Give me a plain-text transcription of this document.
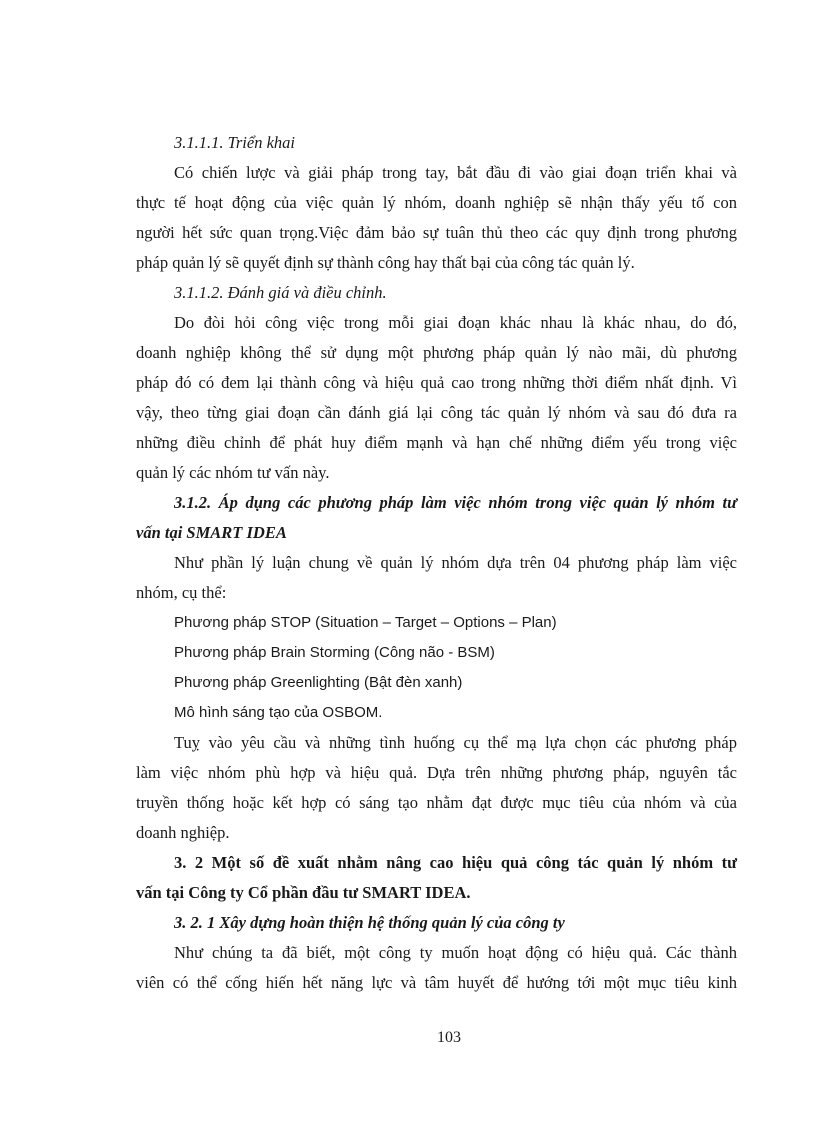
3.1.1.1. Triển khai
Có chiến lược và giải pháp trong tay, bắt đầu đi vào giai đoạn triển khai và
thực tế hoạt động của việc quản lý nhóm, doanh nghiệp sẽ nhận thấy yếu tố con
người hết sức quan trọng.Việc đảm bảo sự tuân thủ theo các quy định trong phương
pháp quản lý sẽ quyết định sự thành công hay thất bại của công tác quản lý.
3.1.1.2. Đánh giá và điều chỉnh.
Do đòi hỏi công việc trong mỗi giai đoạn khác nhau là khác nhau, do đó,
doanh nghiệp không thể sử dụng một phương pháp quản lý nào mãi, dù phương
pháp đó có đem lại thành công và hiệu quả cao trong những thời điểm nhất định. Vì
vậy, theo từng giai đoạn cần đánh giá lại công tác quản lý nhóm và sau đó đưa ra
những điều chỉnh để phát huy điểm mạnh và hạn chế những điểm yếu trong việc
quản lý các nhóm tư vấn này.
3.1.2. Áp dụng các phương pháp làm việc nhóm trong việc quản lý nhóm tư
vấn tại SMART IDEA
Như phần lý luận chung về quản lý nhóm dựa trên 04 phương pháp làm việc
nhóm, cụ thể:
Phương pháp STOP (Situation – Target – Options – Plan)
Phương pháp Brain Storming (Công não - BSM)
Phương pháp Greenlighting (Bật đèn xanh)
Mô hình sáng tạo của OSBOM.
Tuỵ vào yêu cầu và những tình huống cụ thể mạ lựa chọn các phương pháp
làm việc nhóm phù hợp và hiệu quả. Dựa trên những phương pháp, nguyên tắc
truyền thống hoặc kết hợp có sáng tạo nhằm đạt được mục tiêu của nhóm và của
doanh nghiệp.
3. 2 Một số đề xuất nhằm nâng cao hiệu quả công tác quản lý nhóm tư
vấn tại Công ty Cổ phần đầu tư SMART IDEA.
3. 2. 1 Xây dựng hoàn thiện hệ thống quản lý của công ty
Như chúng ta đã biết, một công ty muốn hoạt động có hiệu quả. Các thành
viên có thể cống hiến hết năng lực và tâm huyết để hướng tới một mục tiêu kinh
103
